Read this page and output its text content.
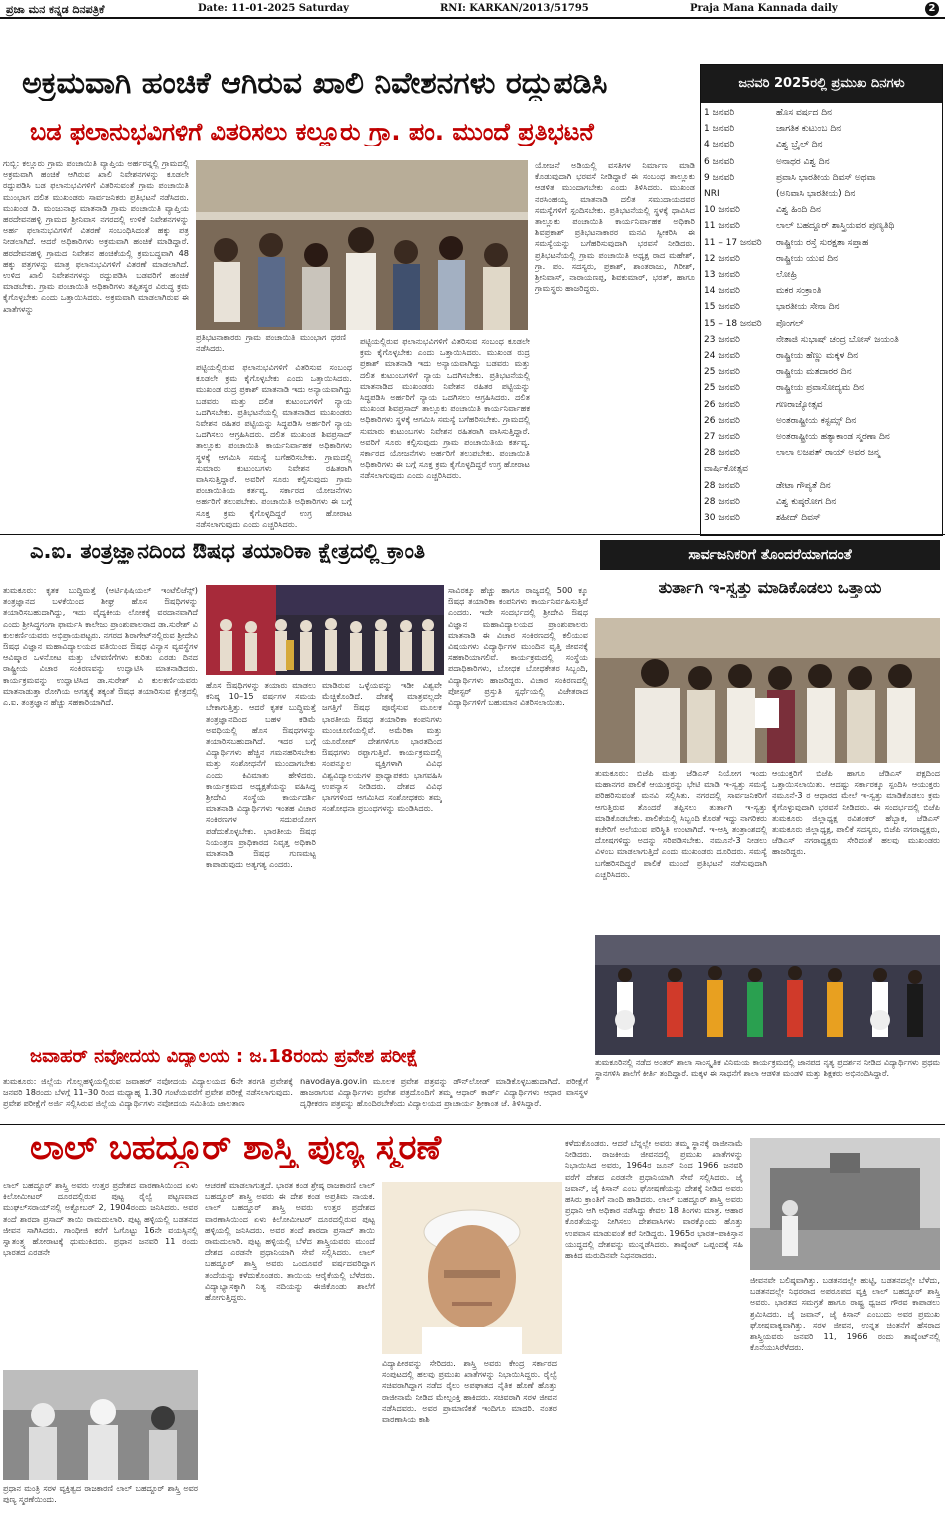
ಪ್ರಜಾ ಮನ ಕನ್ನಡ ದಿನಪತ್ರಿಕೆ	Date: 11-01-2025 Saturday	RNI: KARKAN/2013/51795	Praja Mana Kannada daily	2
ಅಕ್ರಮವಾಗಿ ಹಂಚಿಕೆ ಆಗಿರುವ ಖಾಲಿ ನಿವೇಶನಗಳು ರದ್ದುಪಡಿಸಿ
ಬಡ ಫಲಾನುಭವಿಗಳಿಗೆ ವಿತರಿಸಲು ಕಲ್ಲೂರು ಗ್ರಾ. ಪಂ. ಮುಂದೆ ಪ್ರತಿಭಟನೆ
ಗುಬ್ಬಿ: ಕಲ್ಲೂರು ಗ್ರಾಮ ಪಂಚಾಯಿತಿ ವ್ಯಾಪ್ತಿಯ ಅರ್ಹರನ್ನಲ್ಲಿ ಗ್ರಾಮದಲ್ಲಿ ಅಕ್ರಮವಾಗಿ ಹಂಚಿಕೆ ಆಗಿರುವ ಖಾಲಿ ನಿವೇಶನಗಳನ್ನು ಕೂಡಲೇ ರದ್ದುಪಡಿಸಿ ಬಡ ಫಲಾನುಭವಿಗಳಿಗೆ ವಿತರಿಸುವಂತೆ ಗ್ರಾಮ ಪಂಚಾಯಿತಿ ಮುಂಭಾಗ ದಲಿತ ಮುಖಂಡರು ಸಾರ್ವಜನಿಕರು ಪ್ರತಿಭಟನೆ ನಡೆಸಿದರು. ಮುಖಂಡ ಡಿ. ಮಂಜುನಾಥ ಮಾತನಾಡಿ ಗ್ರಾಮ ಪಂಚಾಯಿತಿ ವ್ಯಾಪ್ತಿಯ ಹರದೇವನಹಳ್ಳಿ ಗ್ರಾಮದ ಶ್ರೀನಿವಾಸ ನಗರದಲ್ಲಿ ಉಳಿಕೆ ನಿವೇಶನಗಳನ್ನು ಅರ್ಹ ಫಲಾನುಭವಿಗಳಿಗೆ ವಿತರಣೆ ಸಂಬಂಧಿಸಿದಂತೆ ಹಕ್ಕು ಪತ್ರ ನೀಡಲಾಗಿದೆ. ಆದರೆ ಅಧಿಕಾರಿಗಳು ಅಕ್ರಮವಾಗಿ ಹಂಚಿಕೆ ಮಾಡಿದ್ದಾರೆ. ಹರದೇವನಹಳ್ಳಿ ಗ್ರಾಮದ ನಿವೇಶನ ಹಂಚಿಕೆಯಲ್ಲಿ ಕ್ರಮಬದ್ಧವಾಗಿ 48 ಹಕ್ಕು ಪತ್ರಗಳನ್ನು ಮಾತ್ರ ಫಲಾನುಭವಿಗಳಿಗೆ ವಿತರಣೆ ಮಾಡಲಾಗಿದೆ. ಉಳಿದ ಖಾಲಿ ನಿವೇಶನಗಳನ್ನು ರದ್ದುಪಡಿಸಿ ಬಡವರಿಗೆ ಹಂಚಿಕೆ ಮಾಡಬೇಕು. ಗ್ರಾಮ ಪಂಚಾಯಿತಿ ಅಧಿಕಾರಿಗಳು ತಪ್ಪಿತಸ್ಥರ ವಿರುದ್ಧ ಕ್ರಮ ಕೈಗೊಳ್ಳಬೇಕು ಎಂದು ಒತ್ತಾಯಿಸಿದರು. ಅಕ್ರಮವಾಗಿ ಮಾಡಲಾಗಿರುವ ಈ ಖಾತೆಗಳನ್ನು
ಪ್ರತಿಭಟನಾಕಾರರು ಗ್ರಾಮ ಪಂಚಾಯಿತಿ ಮುಂಭಾಗ ಧರಣಿ ನಡೆಸಿದರು.
ಪಟ್ಟಿಯಲ್ಲಿರುವ ಫಲಾನುಭವಿಗಳಿಗೆ ವಿತರಿಸುವ ಸಂಬಂಧ ಕೂಡಲೇ ಕ್ರಮ ಕೈಗೊಳ್ಳಬೇಕು ಎಂದು ಒತ್ತಾಯಿಸಿದರು. ಮುಖಂಡ ರುದ್ರ ಪ್ರಕಾಶ್ ಮಾತನಾಡಿ ಇದು ಅನ್ಯಾಯವಾಗಿದ್ದು ಬಡವರು ಮತ್ತು ದಲಿತ ಕುಟುಂಬಗಳಿಗೆ ನ್ಯಾಯ ಒದಗಿಸಬೇಕು. ಪ್ರತಿಭಟನೆಯಲ್ಲಿ ಮಾತನಾಡಿದ ಮುಖಂಡರು ನಿವೇಶನ ರಹಿತರ ಪಟ್ಟಿಯನ್ನು ಸಿದ್ಧಪಡಿಸಿ ಅರ್ಹರಿಗೆ ನ್ಯಾಯ ಒದಗಿಸಲು ಆಗ್ರಹಿಸಿದರು. ದಲಿತ ಮುಖಂಡ ಶಿವಪ್ರಸಾದ್ ತಾಲ್ಲೂಕು ಪಂಚಾಯಿತಿ ಕಾರ್ಯನಿರ್ವಾಹಕ ಅಧಿಕಾರಿಗಳು ಸ್ಥಳಕ್ಕೆ ಆಗಮಿಸಿ ಸಮಸ್ಯೆ ಬಗೆಹರಿಸಬೇಕು. ಗ್ರಾಮದಲ್ಲಿ ಸುಮಾರು ಕುಟುಂಬಗಳು ನಿವೇಶನ ರಹಿತರಾಗಿ ವಾಸಿಸುತ್ತಿದ್ದಾರೆ. ಅವರಿಗೆ ಸೂರು ಕಲ್ಪಿಸುವುದು ಗ್ರಾಮ ಪಂಚಾಯಿತಿಯ ಕರ್ತವ್ಯ. ಸರ್ಕಾರದ ಯೋಜನೆಗಳು ಅರ್ಹರಿಗೆ ತಲುಪಬೇಕು. ಪಂಚಾಯಿತಿ ಅಧಿಕಾರಿಗಳು ಈ ಬಗ್ಗೆ ಸೂಕ್ತ ಕ್ರಮ ಕೈಗೊಳ್ಳದಿದ್ದರೆ ಉಗ್ರ ಹೋರಾಟ ನಡೆಸಲಾಗುವುದು ಎಂದು ಎಚ್ಚರಿಸಿದರು.
ಪಟ್ಟಿಯಲ್ಲಿರುವ ಫಲಾನುಭವಿಗಳಿಗೆ ವಿತರಿಸುವ ಸಂಬಂಧ ಕೂಡಲೇ ಕ್ರಮ ಕೈಗೊಳ್ಳಬೇಕು ಎಂದು ಒತ್ತಾಯಿಸಿದರು. ಮುಖಂಡ ರುದ್ರ ಪ್ರಕಾಶ್ ಮಾತನಾಡಿ ಇದು ಅನ್ಯಾಯವಾಗಿದ್ದು ಬಡವರು ಮತ್ತು ದಲಿತ ಕುಟುಂಬಗಳಿಗೆ ನ್ಯಾಯ ಒದಗಿಸಬೇಕು. ಪ್ರತಿಭಟನೆಯಲ್ಲಿ ಮಾತನಾಡಿದ ಮುಖಂಡರು ನಿವೇಶನ ರಹಿತರ ಪಟ್ಟಿಯನ್ನು ಸಿದ್ಧಪಡಿಸಿ ಅರ್ಹರಿಗೆ ನ್ಯಾಯ ಒದಗಿಸಲು ಆಗ್ರಹಿಸಿದರು. ದಲಿತ ಮುಖಂಡ ಶಿವಪ್ರಸಾದ್ ತಾಲ್ಲೂಕು ಪಂಚಾಯಿತಿ ಕಾರ್ಯನಿರ್ವಾಹಕ ಅಧಿಕಾರಿಗಳು ಸ್ಥಳಕ್ಕೆ ಆಗಮಿಸಿ ಸಮಸ್ಯೆ ಬಗೆಹರಿಸಬೇಕು. ಗ್ರಾಮದಲ್ಲಿ ಸುಮಾರು ಕುಟುಂಬಗಳು ನಿವೇಶನ ರಹಿತರಾಗಿ ವಾಸಿಸುತ್ತಿದ್ದಾರೆ. ಅವರಿಗೆ ಸೂರು ಕಲ್ಪಿಸುವುದು ಗ್ರಾಮ ಪಂಚಾಯಿತಿಯ ಕರ್ತವ್ಯ. ಸರ್ಕಾರದ ಯೋಜನೆಗಳು ಅರ್ಹರಿಗೆ ತಲುಪಬೇಕು. ಪಂಚಾಯಿತಿ ಅಧಿಕಾರಿಗಳು ಈ ಬಗ್ಗೆ ಸೂಕ್ತ ಕ್ರಮ ಕೈಗೊಳ್ಳದಿದ್ದರೆ ಉಗ್ರ ಹೋರಾಟ ನಡೆಸಲಾಗುವುದು ಎಂದು ಎಚ್ಚರಿಸಿದರು.
ಯೋಜನೆ ಅಡಿಯಲ್ಲಿ ವಸತಿಗಳ ನಿರ್ಮಾಣ ಮಾಡಿ ಕೊಡುವುದಾಗಿ ಭರವಸೆ ನೀಡಿದ್ದಾರೆ ಈ ಸಂಬಂಧ ತಾಲ್ಲೂಕು ಆಡಳಿತ ಮುಂದಾಗಬೇಕು ಎಂದು ತಿಳಿಸಿದರು. ಮುಖಂಡ ನರಸಿಂಹಯ್ಯ ಮಾತನಾಡಿ ದಲಿತ ಸಮುದಾಯದವರ ಸಮಸ್ಯೆಗಳಿಗೆ ಸ್ಪಂದಿಸಬೇಕು. ಪ್ರತಿಭಟನೆಯಲ್ಲಿ ಸ್ಥಳಕ್ಕೆ ಧಾವಿಸಿದ ತಾಲ್ಲೂಕು ಪಂಚಾಯಿತಿ ಕಾರ್ಯನಿರ್ವಾಹಕ ಅಧಿಕಾರಿ ಶಿವಪ್ರಕಾಶ್ ಪ್ರತಿಭಟನಾಕಾರರ ಮನವಿ ಸ್ವೀಕರಿಸಿ ಈ ಸಮಸ್ಯೆಯನ್ನು ಬಗೆಹರಿಸುವುದಾಗಿ ಭರವಸೆ ನೀಡಿದರು. ಪ್ರತಿಭಟನೆಯಲ್ಲಿ ಗ್ರಾಮ ಪಂಚಾಯಿತಿ ಅಧ್ಯಕ್ಷ ರಾದ ಮಹೇಶ್, ಗ್ರಾ. ಪಂ. ಸದಸ್ಯರು, ಪ್ರಕಾಶ್, ಶಾಂತರಾಜು, ಗಿರೀಶ್, ಶ್ರೀನಿವಾಸ್, ನಾರಾಯಣಪ್ಪ, ಶಿವಕುಮಾರ್, ಭರತ್, ಹಾಗೂ ಗ್ರಾಮಸ್ಥರು ಹಾಜರಿದ್ದರು.
ಜನವರಿ 2025ರಲ್ಲಿ ಪ್ರಮುಖ ದಿನಗಳು
1 ಜನವರಿ	ಹೊಸ ವರ್ಷದ ದಿನ
1 ಜನವರಿ	ಜಾಗತಿಕ ಕುಟುಂಬ ದಿನ
4 ಜನವರಿ	ವಿಶ್ವ ಬ್ರೈಲ್ ದಿನ
6 ಜನವರಿ	ಅನಾಥರ ವಿಶ್ವ ದಿನ
9 ಜನವರಿ	ಪ್ರವಾಸಿ ಭಾರತೀಯ ದಿವಸ್ ಅಥವಾ
NRI	(ಅನಿವಾಸಿ ಭಾರತೀಯ) ದಿನ
10 ಜನವರಿ	ವಿಶ್ವ ಹಿಂದಿ ದಿನ
11 ಜನವರಿ	ಲಾಲ್ ಬಹದ್ದೂರ್ ಶಾಸ್ತ್ರಿಯವರ ಪುಣ್ಯತಿಥಿ
11 – 17 ಜನವರಿ ರಾಷ್ಟ್ರೀಯ ರಸ್ತೆ ಸುರಕ್ಷತಾ ಸಪ್ತಾಹ
12 ಜನವರಿ	ರಾಷ್ಟ್ರೀಯ ಯುವ ದಿನ
13 ಜನವರಿ	ಲೋಹ್ರಿ
14 ಜನವರಿ	ಮಕರ ಸಂಕ್ರಾಂತಿ
15 ಜನವರಿ	ಭಾರತೀಯ ಸೇನಾ ದಿನ
15 – 18 ಜನವರಿ ಪೊಂಗಲ್
23 ಜನವರಿ	ನೇತಾಜಿ ಸುಭಾಷ್ ಚಂದ್ರ ಬೋಸ್ ಜಯಂತಿ
24 ಜನವರಿ	ರಾಷ್ಟ್ರೀಯ ಹೆಣ್ಣು ಮಕ್ಕಳ ದಿನ
25 ಜನವರಿ	ರಾಷ್ಟ್ರೀಯ ಮತದಾರರ ದಿನ
25 ಜನವರಿ	ರಾಷ್ಟ್ರೀಯ ಪ್ರವಾಸೋದ್ಯಮ ದಿನ
26 ಜನವರಿ	ಗಣರಾಜ್ಯೋತ್ಸವ
26 ಜನವರಿ	ಅಂತರಾಷ್ಟ್ರೀಯ ಕಸ್ಟಮ್ಸ್ ದಿನ
27 ಜನವರಿ	ಅಂತರಾಷ್ಟ್ರೀಯ ಹತ್ಯಾಕಾಂಡ ಸ್ಮರಣಾ ದಿನ
28 ಜನವರಿ	ಲಾಲಾ ಲಜಪತ್ ರಾಯ್ ಅವರ ಜನ್ಮ
ವಾರ್ಷಿಕೋತ್ಸವ
28 ಜನವರಿ	ಡೇಟಾ ಗೌಪ್ಯತೆ ದಿನ
28 ಜನವರಿ	ವಿಶ್ವ ಕುಷ್ಠರೋಗ ದಿನ
30 ಜನವರಿ	ಶಹೀದ್ ದಿವಸ್
ಎ.ಐ. ತಂತ್ರಜ್ಞಾನದಿಂದ ಔಷಧ ತಯಾರಿಕಾ ಕ್ಷೇತ್ರದಲ್ಲಿ ಕ್ರಾಂತಿ
ತುಮಕೂರು: ಕೃತಕ ಬುದ್ಧಿಮತ್ತೆ (ಆರ್ಟಿಫಿಷಿಯಲ್ ಇಂಟೆಲಿಜೆನ್ಸ್) ತಂತ್ರಜ್ಞಾನದ ಬಳಕೆಯಿಂದ ಶೀಘ್ರ ಹೊಸ ಔಷಧಿಗಳನ್ನು ತಯಾರಿಸಬಹುದಾಗಿದ್ದು, ಇದು ವೈದ್ಯಕೀಯ ಲೋಕಕ್ಕೆ ವರದಾನವಾಗಿದೆ ಎಂದು ಶ್ರೀಸಿದ್ಧಗಂಗಾ ಫಾರ್ಮಸಿ ಕಾಲೇಜು ಪ್ರಾಂಶುಪಾಲರಾದ ಡಾ.ಸುರೇಶ್ ವಿ ಕುಲಕರ್ಣಿಯವರು ಅಭಿಪ್ರಾಯಪಟ್ಟರು. ನಗರದ ಶಿರಾಗೇಟ್‌ನಲ್ಲಿರುವ ಶ್ರೀದೇವಿ ಔಷಧ ವಿಜ್ಞಾನ ಮಹಾವಿದ್ಯಾಲಯದ ವತಿಯಿಂದ ಔಷಧ ವಿನ್ಯಾಸ ವ್ಯವಸ್ಥೆಗಳ ಆವಿಷ್ಕಾರ ಒಳನೋಟ ಮತ್ತು ಬೆಳವಣಿಗೆಗಳು ಕುರಿತು ಎರಡು ದಿನದ ರಾಷ್ಟ್ರೀಯ ವಿಚಾರ ಸಂಕಿರಣವನ್ನು ಉದ್ಘಾಟಿಸಿ ಮಾತನಾಡಿದರು. ಕಾರ್ಯಕ್ರಮವನ್ನು ಉದ್ಘಾಟಿಸಿದ ಡಾ.ಸುರೇಶ್ ವಿ ಕುಲಕರ್ಣಿಯವರು ಮಾತನಾಡುತ್ತಾ ರೋಗಿಯ ಅಗತ್ಯಕ್ಕೆ ತಕ್ಕಂತೆ ಔಷಧ ತಯಾರಿಸುವ ಕ್ಷೇತ್ರದಲ್ಲಿ ಎ.ಐ. ತಂತ್ರಜ್ಞಾನ ಹೆಚ್ಚು ಸಹಕಾರಿಯಾಗಿದೆ.
ಹೊಸ ಔಷಧಿಗಳನ್ನು ತಯಾರು ಮಾಡಲು ಕನಿಷ್ಠ 10–15 ವರ್ಷಗಳ ಸಮಯ ಬೇಕಾಗುತ್ತಿತ್ತು. ಆದರೆ ಕೃತಕ ಬುದ್ಧಿಮತ್ತೆ ತಂತ್ರಜ್ಞಾನದಿಂದ ಬಹಳ ಕಡಿಮೆ ಅವಧಿಯಲ್ಲಿ ಹೊಸ ಔಷಧಗಳನ್ನು ತಯಾರಿಸಬಹುದಾಗಿದೆ. ಇದರ ಬಗ್ಗೆ ವಿದ್ಯಾರ್ಥಿಗಳು ಹೆಚ್ಚಿನ ಗಮನಹರಿಸಬೇಕು ಮತ್ತು ಸಂಶೋಧನೆಗೆ ಮುಂದಾಗಬೇಕು ಎಂದು ಕಿವಿಮಾತು ಹೇಳಿದರು. ಕಾರ್ಯಕ್ರಮದ ಅಧ್ಯಕ್ಷತೆಯನ್ನು ವಹಿಸಿದ್ದ ಶ್ರೀದೇವಿ ಸಂಸ್ಥೆಯ ಕಾರ್ಯದರ್ಶಿ ಮಾತನಾಡಿ ವಿದ್ಯಾರ್ಥಿಗಳು ಇಂತಹ ವಿಚಾರ ಸಂಕಿರಣಗಳ ಸದುಪಯೋಗ ಪಡೆದುಕೊಳ್ಳಬೇಕು. ಭಾರತೀಯ ಔಷಧ ನಿಯಂತ್ರಣ ಪ್ರಾಧಿಕಾರದ ನಿವೃತ್ತ ಅಧಿಕಾರಿ ಮಾತನಾಡಿ ಔಷಧ ಗುಣಮಟ್ಟ ಕಾಪಾಡುವುದು ಅತ್ಯಗತ್ಯ ಎಂದರು.
ಮಾಡಿರುವ ಒಳ್ಳೆಯವನ್ನು ಇಡೀ ವಿಶ್ವವೇ ಮೆಚ್ಚಿಕೊಂಡಿದೆ. ದೇಶಕ್ಕೆ ಮಾತ್ರವಲ್ಲದೇ ಜಗತ್ತಿಗೆ ಔಷಧ ಪೂರೈಸುವ ಮೂಲಕ ಭಾರತೀಯ ಔಷಧ ತಯಾರಿಕಾ ಕಂಪನಿಗಳು ಮುಂಚೂಣಿಯಲ್ಲಿವೆ. ಅಮೆರಿಕಾ ಮತ್ತು ಯೂರೋಪ್ ದೇಶಗಳಿಗೂ ಭಾರತದಿಂದ ಔಷಧಗಳು ರಫ್ತಾಗುತ್ತಿವೆ. ಕಾರ್ಯಕ್ರಮದಲ್ಲಿ ಸಂಪನ್ಮೂಲ ವ್ಯಕ್ತಿಗಳಾಗಿ ವಿವಿಧ ವಿಶ್ವವಿದ್ಯಾಲಯಗಳ ಪ್ರಾಧ್ಯಾಪಕರು ಭಾಗವಹಿಸಿ ಉಪನ್ಯಾಸ ನೀಡಿದರು. ದೇಶದ ವಿವಿಧ ಭಾಗಗಳಿಂದ ಆಗಮಿಸಿದ ಸಂಶೋಧಕರು ತಮ್ಮ ಸಂಶೋಧನಾ ಪ್ರಬಂಧಗಳನ್ನು ಮಂಡಿಸಿದರು.
ಸಾವಿರಕ್ಕೂ ಹೆಚ್ಚು ಹಾಗೂ ರಾಜ್ಯದಲ್ಲಿ 500 ಕ್ಕೂ ಔಷಧ ತಯಾರಿಕಾ ಕಂಪನಿಗಳು ಕಾರ್ಯನಿರ್ವಹಿಸುತ್ತಿವೆ ಎಂದರು. ಇದೇ ಸಂದರ್ಭದಲ್ಲಿ ಶ್ರೀದೇವಿ ಔಷಧ ವಿಜ್ಞಾನ ಮಹಾವಿದ್ಯಾಲಯದ ಪ್ರಾಂಶುಪಾಲರು ಮಾತನಾಡಿ ಈ ವಿಚಾರ ಸಂಕಿರಣದಲ್ಲಿ ಕಲಿಯುವ ವಿಷಯಗಳು ವಿದ್ಯಾರ್ಥಿಗಳ ಮುಂದಿನ ವೃತ್ತಿ ಜೀವನಕ್ಕೆ ಸಹಕಾರಿಯಾಗಲಿವೆ. ಕಾರ್ಯಕ್ರಮದಲ್ಲಿ ಸಂಸ್ಥೆಯ ಪದಾಧಿಕಾರಿಗಳು, ಬೋಧಕ ಬೋಧಕೇತರ ಸಿಬ್ಬಂದಿ, ವಿದ್ಯಾರ್ಥಿಗಳು ಹಾಜರಿದ್ದರು. ವಿಚಾರ ಸಂಕಿರಣದಲ್ಲಿ ಪೋಸ್ಟರ್ ಪ್ರಸ್ತುತಿ ಸ್ಪರ್ಧೆಯಲ್ಲಿ ವಿಜೇತರಾದ ವಿದ್ಯಾರ್ಥಿಗಳಿಗೆ ಬಹುಮಾನ ವಿತರಿಸಲಾಯಿತು.
ಸಾರ್ವಜನಿಕರಿಗೆ ತೊಂದರೆಯಾಗದಂತೆ
ತುರ್ತಾಗಿ ಇ-ಸ್ವತ್ತು ಮಾಡಿಕೊಡಲು ಒತ್ತಾಯ
ತುಮಕೂರು: ಬಿಜೆಪಿ ಮತ್ತು ಜೆಡಿಎಸ್ ನಿಯೋಗ ಇಂದು ಮಹಾನಗರ ಪಾಲಿಕೆ ಆಯುಕ್ತರನ್ನು ಭೇಟಿ ಮಾಡಿ ಇ-ಸ್ವತ್ತು ಸಮಸ್ಯೆ ಪರಿಹರಿಸುವಂತೆ ಮನವಿ ಸಲ್ಲಿಸಿತು. ನಗರದಲ್ಲಿ ಸಾರ್ವಜನಿಕರಿಗೆ ಆಗುತ್ತಿರುವ ತೊಂದರೆ ತಪ್ಪಿಸಲು ತುರ್ತಾಗಿ ಇ-ಸ್ವತ್ತು ಮಾಡಿಕೊಡಬೇಕು. ಪಾಲಿಕೆಯಲ್ಲಿ ಸಿಬ್ಬಂದಿ ಕೊರತೆ ಇದ್ದು ನಾಗರಿಕರು ಕಚೇರಿಗೆ ಅಲೆಯುವ ಪರಿಸ್ಥಿತಿ ಉಂಟಾಗಿದೆ. ಇ-ಆಸ್ತಿ ತಂತ್ರಾಂಶದಲ್ಲಿ ದೋಷಗಳಿದ್ದು ಅದನ್ನು ಸರಿಪಡಿಸಬೇಕು. ನಮೂನೆ-3 ನೀಡಲು ವಿಳಂಬ ಮಾಡಲಾಗುತ್ತಿದೆ ಎಂದು ಮುಖಂಡರು ದೂರಿದರು. ಸಮಸ್ಯೆ ಬಗೆಹರಿಸದಿದ್ದರೆ ಪಾಲಿಕೆ ಮುಂದೆ ಪ್ರತಿಭಟನೆ ನಡೆಸುವುದಾಗಿ ಎಚ್ಚರಿಸಿದರು.
ಆಯುಕ್ತರಿಗೆ ಬಿಜೆಪಿ ಹಾಗೂ ಜೆಡಿಎಸ್ ಪಕ್ಷದಿಂದ ಒತ್ತಾಯಿಸಲಾಯಿತು. ಆದಷ್ಟು ಸರ್ಕಾರಕ್ಕೂ ಸ್ಪಂದಿಸಿ ಆಯುಕ್ತರು ನಮೂನೆ-3 ರ ಆಧಾರದ ಮೇಲೆ ಇ-ಸ್ವತ್ತು ಮಾಡಿಕೊಡಲು ಕ್ರಮ ಕೈಗೊಳ್ಳುವುದಾಗಿ ಭರವಸೆ ನೀಡಿದರು. ಈ ಸಂದರ್ಭದಲ್ಲಿ ಬಿಜೆಪಿ ತುಮಕೂರು ಜಿಲ್ಲಾಧ್ಯಕ್ಷ ರವಿಶಂಕರ್ ಹೆಬ್ಬಾಕ, ಜೆಡಿಎಸ್ ತುಮಕೂರು ಜಿಲ್ಲಾಧ್ಯಕ್ಷ, ಪಾಲಿಕೆ ಸದಸ್ಯರು, ಬಿಜೆಪಿ ನಗರಾಧ್ಯಕ್ಷರು, ಜೆಡಿಎಸ್ ನಗರಾಧ್ಯಕ್ಷರು ಸೇರಿದಂತೆ ಹಲವು ಮುಖಂಡರು ಹಾಜರಿದ್ದರು.
ತುಮಕೂರಿನಲ್ಲಿ ನಡೆದ ಅಂತರ್ ಶಾಲಾ ಸಾಂಸ್ಕೃತಿಕ ವಿನಿಮಯ ಕಾರ್ಯಕ್ರಮದಲ್ಲಿ ಜಾನಪದ ನೃತ್ಯ ಪ್ರದರ್ಶನ ನೀಡಿದ ವಿದ್ಯಾರ್ಥಿಗಳು ಪ್ರಥಮ ಸ್ಥಾನಗಳಿಸಿ ಶಾಲೆಗೆ ಕೀರ್ತಿ ತಂದಿದ್ದಾರೆ. ಮಕ್ಕಳ ಈ ಸಾಧನೆಗೆ ಶಾಲಾ ಆಡಳಿತ ಮಂಡಳಿ ಮತ್ತು ಶಿಕ್ಷಕರು ಅಭಿನಂದಿಸಿದ್ದಾರೆ.
ಜವಾಹರ್ ನವೋದಯ ವಿದ್ಯಾಲಯ : ಜ.18ರಂದು ಪ್ರವೇಶ ಪರೀಕ್ಷೆ
ತುಮಕೂರು: ಜಿಲ್ಲೆಯ ಗೊಲ್ಲಹಳ್ಳಿಯಲ್ಲಿರುವ ಜವಾಹರ್ ನವೋದಯ ವಿದ್ಯಾಲಯದ 6ನೇ ತರಗತಿ ಪ್ರವೇಶಕ್ಕೆ ಜನವರಿ 18ರಂದು ಬೆಳಗ್ಗೆ 11–30 ರಿಂದ ಮಧ್ಯಾಹ್ನ 1.30 ಗಂಟೆಯವರೆಗೆ ಪ್ರವೇಶ ಪರೀಕ್ಷೆ ನಡೆಸಲಾಗುವುದು. ಪ್ರವೇಶ ಪರೀಕ್ಷೆಗೆ ಅರ್ಜಿ ಸಲ್ಲಿಸಿರುವ ಜಿಲ್ಲೆಯ ವಿದ್ಯಾರ್ಥಿಗಳು ನವೋದಯ ಸಮಿತಿಯ ಜಾಲತಾಣ
navodaya.gov.in ಮೂಲಕ ಪ್ರವೇಶ ಪತ್ರವನ್ನು ಡೌನ್‌ಲೋಡ್ ಮಾಡಿಕೊಳ್ಳಬಹುದಾಗಿದೆ. ಪರೀಕ್ಷೆಗೆ ಹಾಜರಾಗುವ ವಿದ್ಯಾರ್ಥಿಗಳು ಪ್ರವೇಶ ಪತ್ರದೊಂದಿಗೆ ತಮ್ಮ ಆಧಾರ್ ಕಾರ್ಡ್ ವಿದ್ಯಾರ್ಥಿಗಳು ಆಧಾರ ವಾಸಸ್ಥಳ ದೃಢೀಕರಣ ಪತ್ರವನ್ನು ಹೊಂದಿರಬೇಕೆಂದು ವಿದ್ಯಾಲಯದ ಪ್ರಾಚಾರ್ಯ ಶ್ರೀಕಾಂತ ಜೆ. ತಿಳಿಸಿದ್ದಾರೆ.
ಲಾಲ್ ಬಹದ್ದೂರ್ ಶಾಸ್ತ್ರಿ ಪುಣ್ಯ ಸ್ಮರಣೆ
ಲಾಲ್ ಬಹದ್ದೂರ್ ಶಾಸ್ತ್ರಿ ಅವರು ಉತ್ತರ ಪ್ರದೇಶದ ವಾರಣಾಸಿಯಿಂದ ಏಳು ಕಿಲೋಮೀಟರ್ ದೂರದಲ್ಲಿರುವ ಪುಟ್ಟ ರೈಲ್ವೆ ಪಟ್ಟಣವಾದ ಮುಘಲ್‌ಸರಾಯ್‌ನಲ್ಲಿ ಅಕ್ಟೋಬರ್ 2, 1904ರಂದು ಜನಿಸಿದರು. ಅವರ ತಂದೆ ಶಾರದಾ ಪ್ರಸಾದ್ ತಾಯಿ ರಾಮದುಲಾರಿ. ಪುಟ್ಟ ಹಳ್ಳಿಯಲ್ಲಿ ಬಡತನದ ಜೀವನ ಸಾಗಿಸಿದರು. ಗಾಂಧೀಜಿ ಕರೆಗೆ ಓಗೊಟ್ಟು 16ನೇ ವಯಸ್ಸಿನಲ್ಲಿ ಸ್ವಾತಂತ್ರ್ಯ ಹೋರಾಟಕ್ಕೆ ಧುಮುಕಿದರು. ಪ್ರಧಾನ ಜನವರಿ 11 ರಂದು ಭಾರತದ ಎರಡನೇ
ಪ್ರಧಾನ ಮಂತ್ರಿ ಸರಳ ವ್ಯಕ್ತಿತ್ವದ ರಾಜಕಾರಣಿ ಲಾಲ್ ಬಹದ್ದೂರ್ ಶಾಸ್ತ್ರಿ ಅವರ ಪುಣ್ಯ ಸ್ಮರಣೆಯಿಂದು.
ಆಚರಣೆ ಮಾಡಲಾಗುತ್ತದೆ. ಭಾರತ ಕಂಡ ಶ್ರೇಷ್ಠ ರಾಜಕಾರಣಿ ಲಾಲ್ ಬಹದ್ದೂರ್ ಶಾಸ್ತ್ರಿ ಅವರು ಈ ದೇಶ ಕಂಡ ಅಪ್ರತಿಮ ನಾಯಕ. ಲಾಲ್ ಬಹದ್ದೂರ್ ಶಾಸ್ತ್ರಿ ಅವರು ಉತ್ತರ ಪ್ರದೇಶದ ವಾರಣಾಸಿಯಿಂದ ಏಳು ಕಿಲೋಮೀಟರ್ ದೂರದಲ್ಲಿರುವ ಪುಟ್ಟ ಹಳ್ಳಿಯಲ್ಲಿ ಜನಿಸಿದರು. ಅವರ ತಂದೆ ಶಾರದಾ ಪ್ರಸಾದ್ ತಾಯಿ ರಾಮದುಲಾರಿ. ಪುಟ್ಟ ಹಳ್ಳಿಯಲ್ಲಿ ಬೆಳೆದ ಶಾಸ್ತ್ರಿಯವರು ಮುಂದೆ ದೇಶದ ಎರಡನೇ ಪ್ರಧಾನಿಯಾಗಿ ಸೇವೆ ಸಲ್ಲಿಸಿದರು. ಲಾಲ್ ಬಹದ್ದೂರ್ ಶಾಸ್ತ್ರಿ ಅವರು ಒಂದೂವರೆ ವರ್ಷದವರಿದ್ದಾಗ ತಂದೆಯನ್ನು ಕಳೆದುಕೊಂಡರು. ತಾಯಿಯ ಆರೈಕೆಯಲ್ಲಿ ಬೆಳೆದರು. ವಿದ್ಯಾಭ್ಯಾಸಕ್ಕಾಗಿ ನಿತ್ಯ ನದಿಯನ್ನು ಈಜಿಕೊಂಡು ಶಾಲೆಗೆ ಹೋಗುತ್ತಿದ್ದರು.
ವಿದ್ಯಾಪೀಠವನ್ನು ಸೇರಿದರು. ಶಾಸ್ತ್ರಿ ಅವರು ಕೇಂದ್ರ ಸರ್ಕಾರದ ಸಂಪುಟದಲ್ಲಿ ಹಲವು ಪ್ರಮುಖ ಖಾತೆಗಳನ್ನು ನಿಭಾಯಿಸಿದ್ದರು. ರೈಲ್ವೆ ಸಚಿವರಾಗಿದ್ದಾಗ ನಡೆದ ರೈಲು ಅಪಘಾತದ ನೈತಿಕ ಹೊಣೆ ಹೊತ್ತು ರಾಜೀನಾಮೆ ನೀಡಿದ ಮೇಲ್ಪಂಕ್ತಿ ಹಾಕಿದರು. ಸಚಿವರಾಗಿ ಸರಳ ಜೀವನ ನಡೆಸಿದವರು. ಅವರ ಪ್ರಾಮಾಣಿಕತೆ ಇಂದಿಗೂ ಮಾದರಿ. ನಂತರ ವಾರಣಾಸಿಯ ಕಾಶಿ
ಕಳೆದುಕೊಂಡರು. ಆದರೆ ಬೆನ್ನಲ್ಲೇ ಅವರು ತಮ್ಮ ಸ್ಥಾನಕ್ಕೆ ರಾಜೀನಾಮೆ ನೀಡಿದರು. ರಾಜಕೀಯ ಜೀವನದಲ್ಲಿ ಪ್ರಮುಖ ಖಾತೆಗಳನ್ನು ನಿಭಾಯಿಸಿದ ಅವರು, 1964ರ ಜೂನ್ ನಿಂದ 1966 ಜನವರಿ ವರೆಗೆ ದೇಶದ ಎರಡನೇ ಪ್ರಧಾನಿಯಾಗಿ ಸೇವೆ ಸಲ್ಲಿಸಿದರು. ಜೈ ಜವಾನ್, ಜೈ ಕಿಸಾನ್ ಎಂಬ ಘೋಷಣೆಯನ್ನು ದೇಶಕ್ಕೆ ನೀಡಿದ ಅವರು ಹಸಿರು ಕ್ರಾಂತಿಗೆ ನಾಂದಿ ಹಾಡಿದರು. ಲಾಲ್ ಬಹದ್ದೂರ್ ಶಾಸ್ತ್ರಿ ಅವರು ಪ್ರಧಾನಿ ಆಗಿ ಅಧಿಕಾರ ನಡೆಸಿದ್ದು ಕೇವಲ 18 ತಿಂಗಳು ಮಾತ್ರ. ಆಹಾರ ಕೊರತೆಯನ್ನು ನೀಗಿಸಲು ದೇಶವಾಸಿಗಳು ವಾರಕ್ಕೊಂದು ಹೊತ್ತು ಉಪವಾಸ ಮಾಡುವಂತೆ ಕರೆ ನೀಡಿದ್ದರು. 1965ರ ಭಾರತ–ಪಾಕಿಸ್ತಾನ ಯುದ್ಧದಲ್ಲಿ ದೇಶವನ್ನು ಮುನ್ನಡೆಸಿದರು. ತಾಷ್ಕೆಂಟ್ ಒಪ್ಪಂದಕ್ಕೆ ಸಹಿ ಹಾಕಿದ ಮರುದಿನವೇ ನಿಧನರಾದರು.
ಜೀವನವೇ ಬಲಿಷ್ಠವಾಗಿತ್ತು. ಬಡತನದಲ್ಲೇ ಹುಟ್ಟಿ, ಬಡತನದಲ್ಲೇ ಬೆಳೆದು, ಬಡತನದಲ್ಲೇ ನಿಧರರಾದ ಅಪರೂಪದ ವ್ಯಕ್ತಿ ಲಾಲ್ ಬಹದ್ದೂರ್ ಶಾಸ್ತ್ರಿ ಅವರು. ಭಾರತದ ಸಮಗ್ರತೆ ಹಾಗೂ ರಾಷ್ಟ್ರ ಧ್ವಜದ ಗೌರವ ಕಾಪಾಡಲು ಶ್ರಮಿಸಿದರು. ಜೈ ಜವಾನ್, ಜೈ ಕಿಸಾನ್ ಎಂಬುದು ಅವರ ಪ್ರಮುಖ ಘೋಷವಾಕ್ಯವಾಗಿತ್ತು. ಸರಳ ಜೀವನ, ಉನ್ನತ ಚಿಂತನೆಗೆ ಹೆಸರಾದ ಶಾಸ್ತ್ರಿಯವರು ಜನವರಿ 11, 1966 ರಂದು ತಾಷ್ಕೆಂಟ್‌ನಲ್ಲಿ ಕೊನೆಯುಸಿರೆಳೆದರು.
